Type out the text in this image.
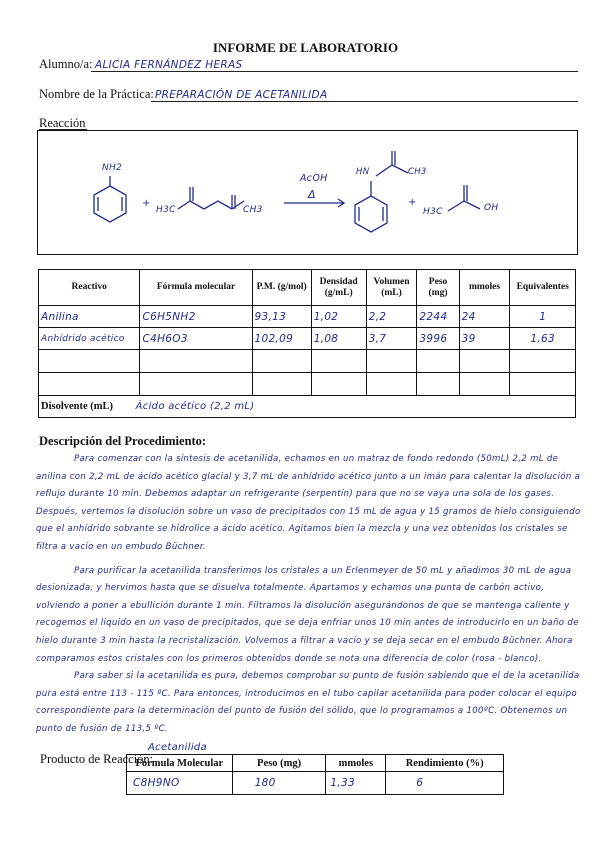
INFORME DE LABORATORIO
Alumno/a: ALICIA FERNÁNDEZ HERAS
Nombre de la Práctica: PREPARACIÓN DE ACETANILIDA
Reacción
NH2
+
H3C	CH3
AcOH
Δ
HN	CH3
+
H3C	OH
Reactivo	Fórmula molecular	P.M. (g/mol)	Densidad (g/mL)	Volumen (mL)	Peso (mg)	mmoles	Equivalentes
Anilina	C6H5NH2	93,13	1,02	2,2	2244	24	1
Anhídrido acético	C4H6O3	102,09	1,08	3,7	3996	39	1,63

Disolvente (mL) Ácido acético (2,2 mL)							
Descripción del Procedimiento:

Para comenzar con la síntesis de acetanilida, echamos en un matraz de fondo redondo (50mL) 2,2 mL de anilina con 2,2 mL de ácido acético glacial y 3,7 mL de anhídrido acético junto a un imán para calentar la disolución a reflujo durante 10 min. Debemos adaptar un refrigerante (serpentín) para que no se vaya una sola de los gases. Después, vertemos la disolución sobre un vaso de precipitados con 15 mL de agua y 15 gramos de hielo consiguiendo que el anhídrido sobrante se hidrolice a ácido acético. Agitamos bien la mezcla y una vez obtenidos los cristales se filtra a vacío en un embudo Büchner.

Para purificar la acetanilida transferimos los cristales a un Erlenmeyer de 50 mL y añadimos 30 mL de agua desionizada, y hervimos hasta que se disuelva totalmente. Apartamos y echamos una punta de carbón activo, volviendo a poner a ebullición durante 1 min. Filtramos la disolución asegurándonos de que se mantenga caliente y recogemos el líquido en un vaso de precipitados, que se deja enfriar unos 10 min antes de introducirlo en un baño de hielo durante 3 min hasta la recristalización. Volvemos a filtrar a vacío y se deja secar en el embudo Büchner. Ahora comparamos estos cristales con los primeros obtenidos donde se nota una diferencia de color (rosa - blanco).

Para saber si la acetanilida es pura, debemos comprobar su punto de fusión sabiendo que el de la acetanilida pura está entre 113 - 115 ºC. Para entonces, introducimos en el tubo capilar acetanilida para poder colocar el equipo correspondiente para la determinación del punto de fusión del sólido, que lo programamos a 100ºC. Obtenemos un punto de fusión de 113,5 ºC.

Producto de Reacción:
Acetanilida
Fórmula Molecular	Peso (mg)	mmoles	Rendimiento (%)
C8H9NO	180	1,33	6
